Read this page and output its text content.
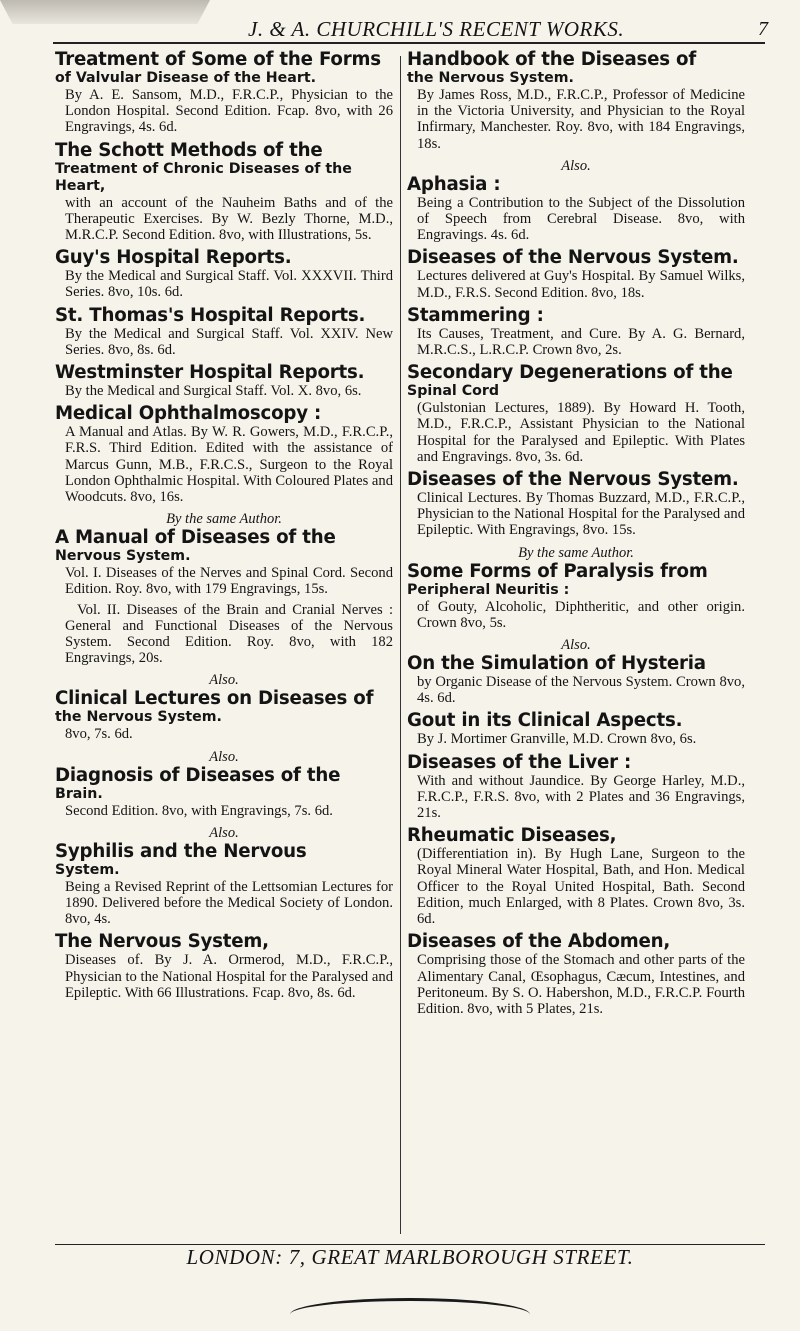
J. & A. CHURCHILL'S RECENT WORKS.	7
Treatment of Some of the Forms
of Valvular Disease of the Heart.

By A. E. Sansom, M.D., F.R.C.P., Physician to the London Hospital. Second Edition. Fcap. 8vo, with 26 Engravings, 4s. 6d.

The Schott Methods of the
Treatment of Chronic Diseases of the Heart,

with an account of the Nauheim Baths and of the Therapeutic Exercises. By W. Bezly Thorne, M.D., M.R.C.P. Second Edition. 8vo, with Illustrations, 5s.

Guy's Hospital Reports.

By the Medical and Surgical Staff. Vol. XXXVII. Third Series. 8vo, 10s. 6d.

St. Thomas's Hospital Reports.

By the Medical and Surgical Staff. Vol. XXIV. New Series. 8vo, 8s. 6d.

Westminster Hospital Reports.

By the Medical and Surgical Staff. Vol. X. 8vo, 6s.

Medical Ophthalmoscopy :

A Manual and Atlas. By W. R. Gowers, M.D., F.R.C.P., F.R.S. Third Edition. Edited with the assistance of Marcus Gunn, M.B., F.R.C.S., Surgeon to the Royal London Ophthalmic Hospital. With Coloured Plates and Woodcuts. 8vo, 16s.

By the same Author.
A Manual of Diseases of the
Nervous System.

Vol. I. Diseases of the Nerves and Spinal Cord. Second Edition. Roy. 8vo, with 179 Engravings, 15s.

Vol. II. Diseases of the Brain and Cranial Nerves : General and Functional Diseases of the Nervous System. Second Edition. Roy. 8vo, with 182 Engravings, 20s.

Also.
Clinical Lectures on Diseases of
the Nervous System.

8vo, 7s. 6d.

Also.
Diagnosis of Diseases of the
Brain.

Second Edition. 8vo, with Engravings, 7s. 6d.

Also.
Syphilis and the Nervous
System.

Being a Revised Reprint of the Lettsomian Lectures for 1890. Delivered before the Medical Society of London. 8vo, 4s.

The Nervous System,

Diseases of. By J. A. Ormerod, M.D., F.R.C.P., Physician to the National Hospital for the Paralysed and Epileptic. With 66 Illustrations. Fcap. 8vo, 8s. 6d.

Handbook of the Diseases of
the Nervous System.

By James Ross, M.D., F.R.C.P., Professor of Medicine in the Victoria University, and Physician to the Royal Infirmary, Manchester. Roy. 8vo, with 184 Engravings, 18s.

Also.
Aphasia :

Being a Contribution to the Subject of the Dissolution of Speech from Cerebral Disease. 8vo, with Engravings. 4s. 6d.

Diseases of the Nervous System.

Lectures delivered at Guy's Hospital. By Samuel Wilks, M.D., F.R.S. Second Edition. 8vo, 18s.

Stammering :

Its Causes, Treatment, and Cure. By A. G. Bernard, M.R.C.S., L.R.C.P. Crown 8vo, 2s.

Secondary Degenerations of the
Spinal Cord

(Gulstonian Lectures, 1889). By Howard H. Tooth, M.D., F.R.C.P., Assistant Physician to the National Hospital for the Paralysed and Epileptic. With Plates and Engravings. 8vo, 3s. 6d.

Diseases of the Nervous System.

Clinical Lectures. By Thomas Buzzard, M.D., F.R.C.P., Physician to the National Hospital for the Paralysed and Epileptic. With Engravings, 8vo. 15s.

By the same Author.
Some Forms of Paralysis from
Peripheral Neuritis :

of Gouty, Alcoholic, Diphtheritic, and other origin. Crown 8vo, 5s.

Also.
On the Simulation of Hysteria

by Organic Disease of the Nervous System. Crown 8vo, 4s. 6d.

Gout in its Clinical Aspects.

By J. Mortimer Granville, M.D. Crown 8vo, 6s.

Diseases of the Liver :

With and without Jaundice. By George Harley, M.D., F.R.C.P., F.R.S. 8vo, with 2 Plates and 36 Engravings, 21s.

Rheumatic Diseases,

(Differentiation in). By Hugh Lane, Surgeon to the Royal Mineral Water Hospital, Bath, and Hon. Medical Officer to the Royal United Hospital, Bath. Second Edition, much Enlarged, with 8 Plates. Crown 8vo, 3s. 6d.

Diseases of the Abdomen,

Comprising those of the Stomach and other parts of the Alimentary Canal, Œsophagus, Cæcum, Intestines, and Peritoneum. By S. O. Habershon, M.D., F.R.C.P. Fourth Edition. 8vo, with 5 Plates, 21s.

LONDON: 7, GREAT MARLBOROUGH STREET.
